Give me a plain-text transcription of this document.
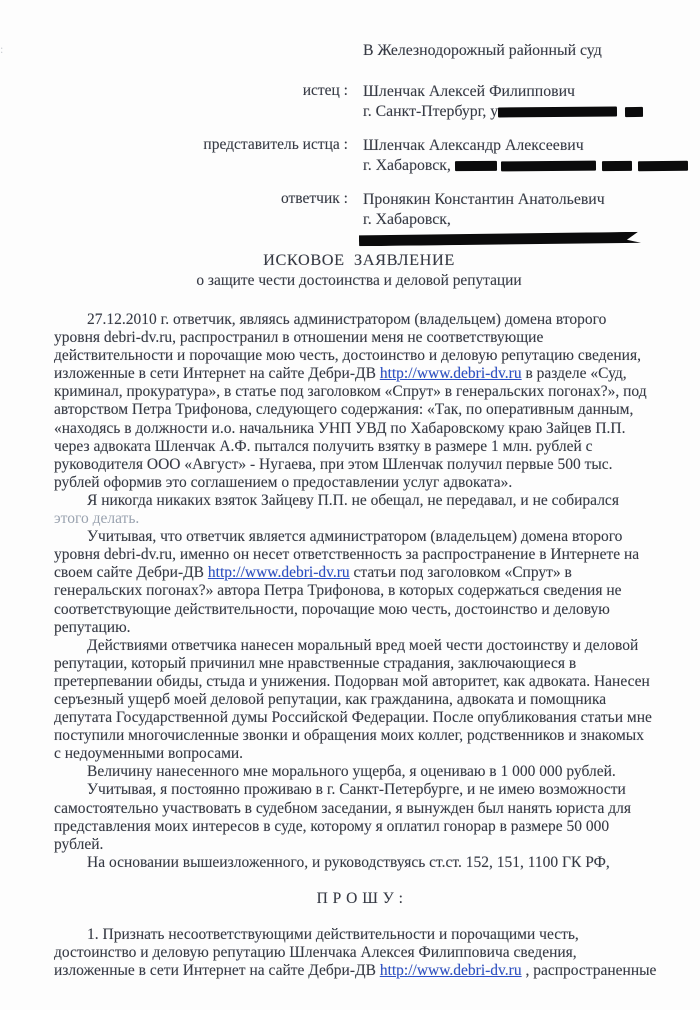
:	В Железнодорожный районный суд
истец : Шленчак Алексей Филиппович
г. Санкт-Птербург, у
представитель истца : Шленчак Александр Алексеевич
г. Хабаровск,
ответчик : Пронякин Константин Анатольевич
г. Хабаровск,
ИСКОВОЕ  ЗАЯВЛЕНИЕ
о защите чести достоинства и деловой репутации
27.12.2010 г. ответчик, являясь администратором (владельцем) домена второго
уровня debri-dv.ru, распространил в отношении меня не соответствующие
действительности и порочащие мою честь, достоинство и деловую репутацию сведения,
изложенные в сети Интернет на сайте Дебри-ДВ http://www.debri-dv.ru в разделе «Суд,
криминал, прокуратура», в статье под заголовком «Спрут» в генеральских погонах?», под
авторством Петра Трифонова, следующего содержания: «Так, по оперативным данным,
«находясь в должности и.о. начальника УНП УВД по Хабаровскому краю Зайцев П.П.
через адвоката Шленчак А.Ф. пытался получить взятку в размере 1 млн. рублей с
руководителя ООО «Август» - Нугаева, при этом Шленчак получил первые 500 тыс.
рублей оформив это соглашением о предоставлении услуг адвоката».
Я никогда никаких взяток Зайцеву П.П. не обещал, не передавал, и не собирался
этого делать.
Учитывая, что ответчик является администратором (владельцем) домена второго
уровня debri-dv.ru, именно он несет ответственность за распространение в Интернете на
своем сайте Дебри-ДВ http://www.debri-dv.ru статьи под заголовком «Спрут» в
генеральских погонах?» автора Петра Трифонова, в которых содержаться сведения не
соответствующие действительности, порочащие мою честь, достоинство и деловую
репутацию.
Действиями ответчика нанесен моральный вред моей чести достоинству и деловой
репутации, который причинил мне нравственные страдания, заключающиеся в
претерпевании обиды, стыда и унижения. Подорван мой авторитет, как адвоката. Нанесен
серъезный ущерб моей деловой репутации, как гражданина, адвоката и помощника
депутата Государственной думы Российской Федерации. После опубликования статьи мне
поступили многочисленные звонки и обращения моих коллег, родственников и знакомых
с недоуменными вопросами.
Величину нанесенного мне морального ущерба, я оцениваю в 1 000 000 рублей.
Учитывая, я постоянно проживаю в г. Санкт-Петербурге, и не имею возможности
самостоятельно участвовать в судебном заседании, я вынужден был нанять юриста для
представления моих интересов в суде, которому я оплатил гонорар в размере 50 000
рублей.
На основании вышеизложенного, и руководствуясь ст.ст. 152, 151, 1100 ГК РФ,
П Р О Ш У :
1. Признать несоответствующими действительности и порочащими честь,
достоинство и деловую репутацию Шленчака Алексея Филипповича сведения,
изложенные в сети Интернет на сайте Дебри-ДВ http://www.debri-dv.ru , распространенные
